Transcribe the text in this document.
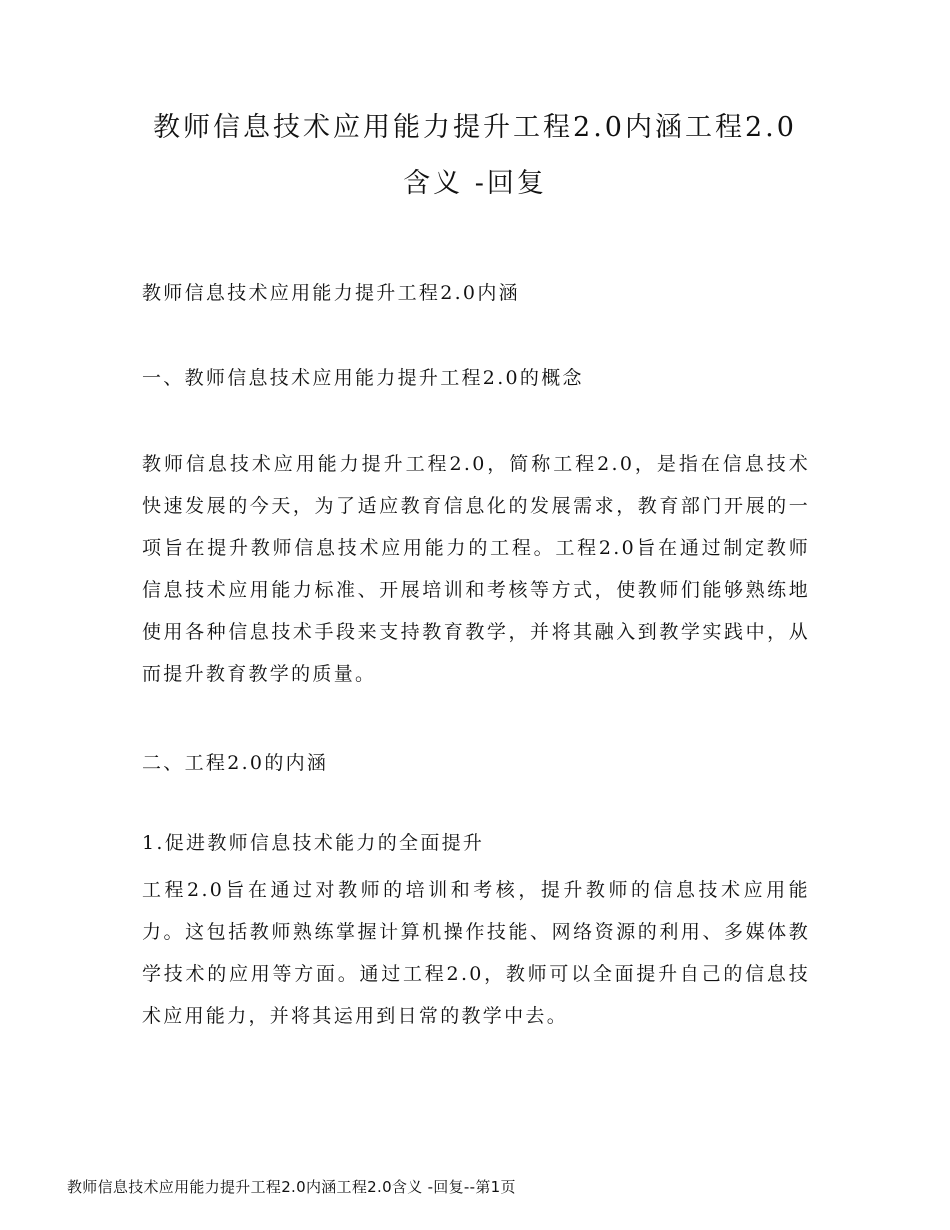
教师信息技术应用能力提升工程2.0内涵工程2.0含义 -回复

教师信息技术应用能力提升工程2.0内涵

一、教师信息技术应用能力提升工程2.0的概念

教师信息技术应用能力提升工程2.0，简称工程2.0，是指在信息技术快速发展的今天，为了适应教育信息化的发展需求，教育部门开展的一项旨在提升教师信息技术应用能力的工程。工程2.0旨在通过制定教师信息技术应用能力标准、开展培训和考核等方式，使教师们能够熟练地使用各种信息技术手段来支持教育教学，并将其融入到教学实践中，从而提升教育教学的质量。

二、工程2.0的内涵

1.促进教师信息技术能力的全面提升

工程2.0旨在通过对教师的培训和考核，提升教师的信息技术应用能力。这包括教师熟练掌握计算机操作技能、网络资源的利用、多媒体教学技术的应用等方面。通过工程2.0，教师可以全面提升自己的信息技术应用能力，并将其运用到日常的教学中去。

教师信息技术应用能力提升工程2.0内涵工程2.0含义 -回复--第1页
